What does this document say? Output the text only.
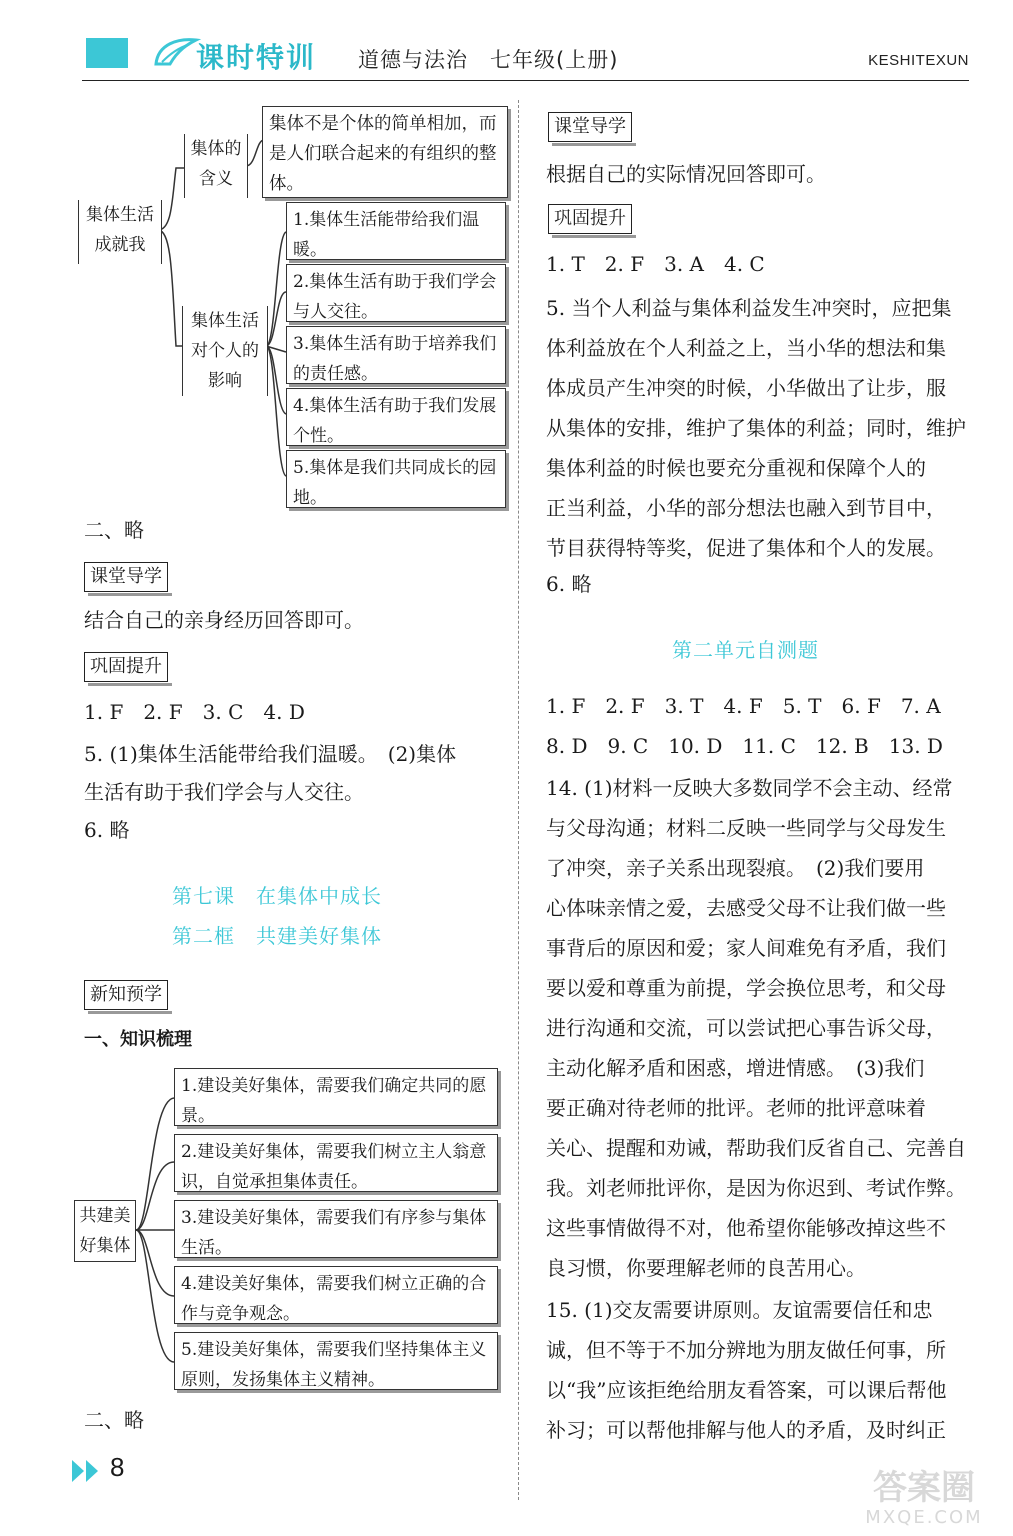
课时特训 道德与法治　七年级(上册)	KESHITEXUN
集体生活成就我
集体的含义
集体不是个体的简单相加，而是人们联合起来的有组织的整体。
集体生活对个人的影响
1.集体生活能带给我们温暖。
2.集体生活有助于我们学会与人交往。
3.集体生活有助于培养我们的责任感。
4.集体生活有助于我们发展个性。
5.集体是我们共同成长的园地。
二、略
课堂导学
结合自己的亲身经历回答即可。
巩固提升
1. F　2. F　3. C　4. D
5. (1)集体生活能带给我们温暖。　(2)集体
生活有助于我们学会与人交往。
6. 略
第七课　在集体中成长
第二框　共建美好集体
新知预学
一、知识梳理
共建美好集体
1.建设美好集体，需要我们确定共同的愿景。
2.建设美好集体，需要我们树立主人翁意识，自觉承担集体责任。
3.建设美好集体，需要我们有序参与集体生活。
4.建设美好集体，需要我们树立正确的合作与竞争观念。
5.建设美好集体，需要我们坚持集体主义原则，发扬集体主义精神。
二、略
课堂导学
根据自己的实际情况回答即可。
巩固提升
1. T　2. F　3. A　4. C
5. 当个人利益与集体利益发生冲突时，应把集
体利益放在个人利益之上，当小华的想法和集
体成员产生冲突的时候，小华做出了让步，服
从集体的安排，维护了集体的利益；同时，维护
集体利益的时候也要充分重视和保障个人的
正当利益，小华的部分想法也融入到节目中，
节目获得特等奖，促进了集体和个人的发展。
6. 略
第二单元自测题
1. F　2. F　3. T　4. F　5. T　6. F　7. A
8. D　9. C　10. D　11. C　12. B　13. D
14. (1)材料一反映大多数同学不会主动、经常
与父母沟通；材料二反映一些同学与父母发生
了冲突，亲子关系出现裂痕。　(2)我们要用
心体味亲情之爱，去感受父母不让我们做一些
事背后的原因和爱；家人间难免有矛盾，我们
要以爱和尊重为前提，学会换位思考，和父母
进行沟通和交流，可以尝试把心事告诉父母，
主动化解矛盾和困惑，增进情感。　(3)我们
要正确对待老师的批评。老师的批评意味着
关心、提醒和劝诫，帮助我们反省自己、完善自
我。刘老师批评你，是因为你迟到、考试作弊。
这些事情做得不对，他希望你能够改掉这些不
良习惯，你要理解老师的良苦用心。
15. (1)交友需要讲原则。友谊需要信任和忠
诚，但不等于不加分辨地为朋友做任何事，所
以“我”应该拒绝给朋友看答案，可以课后帮他
补习；可以帮他排解与他人的矛盾，及时纠正
8
答案圈
MXQE.COM
